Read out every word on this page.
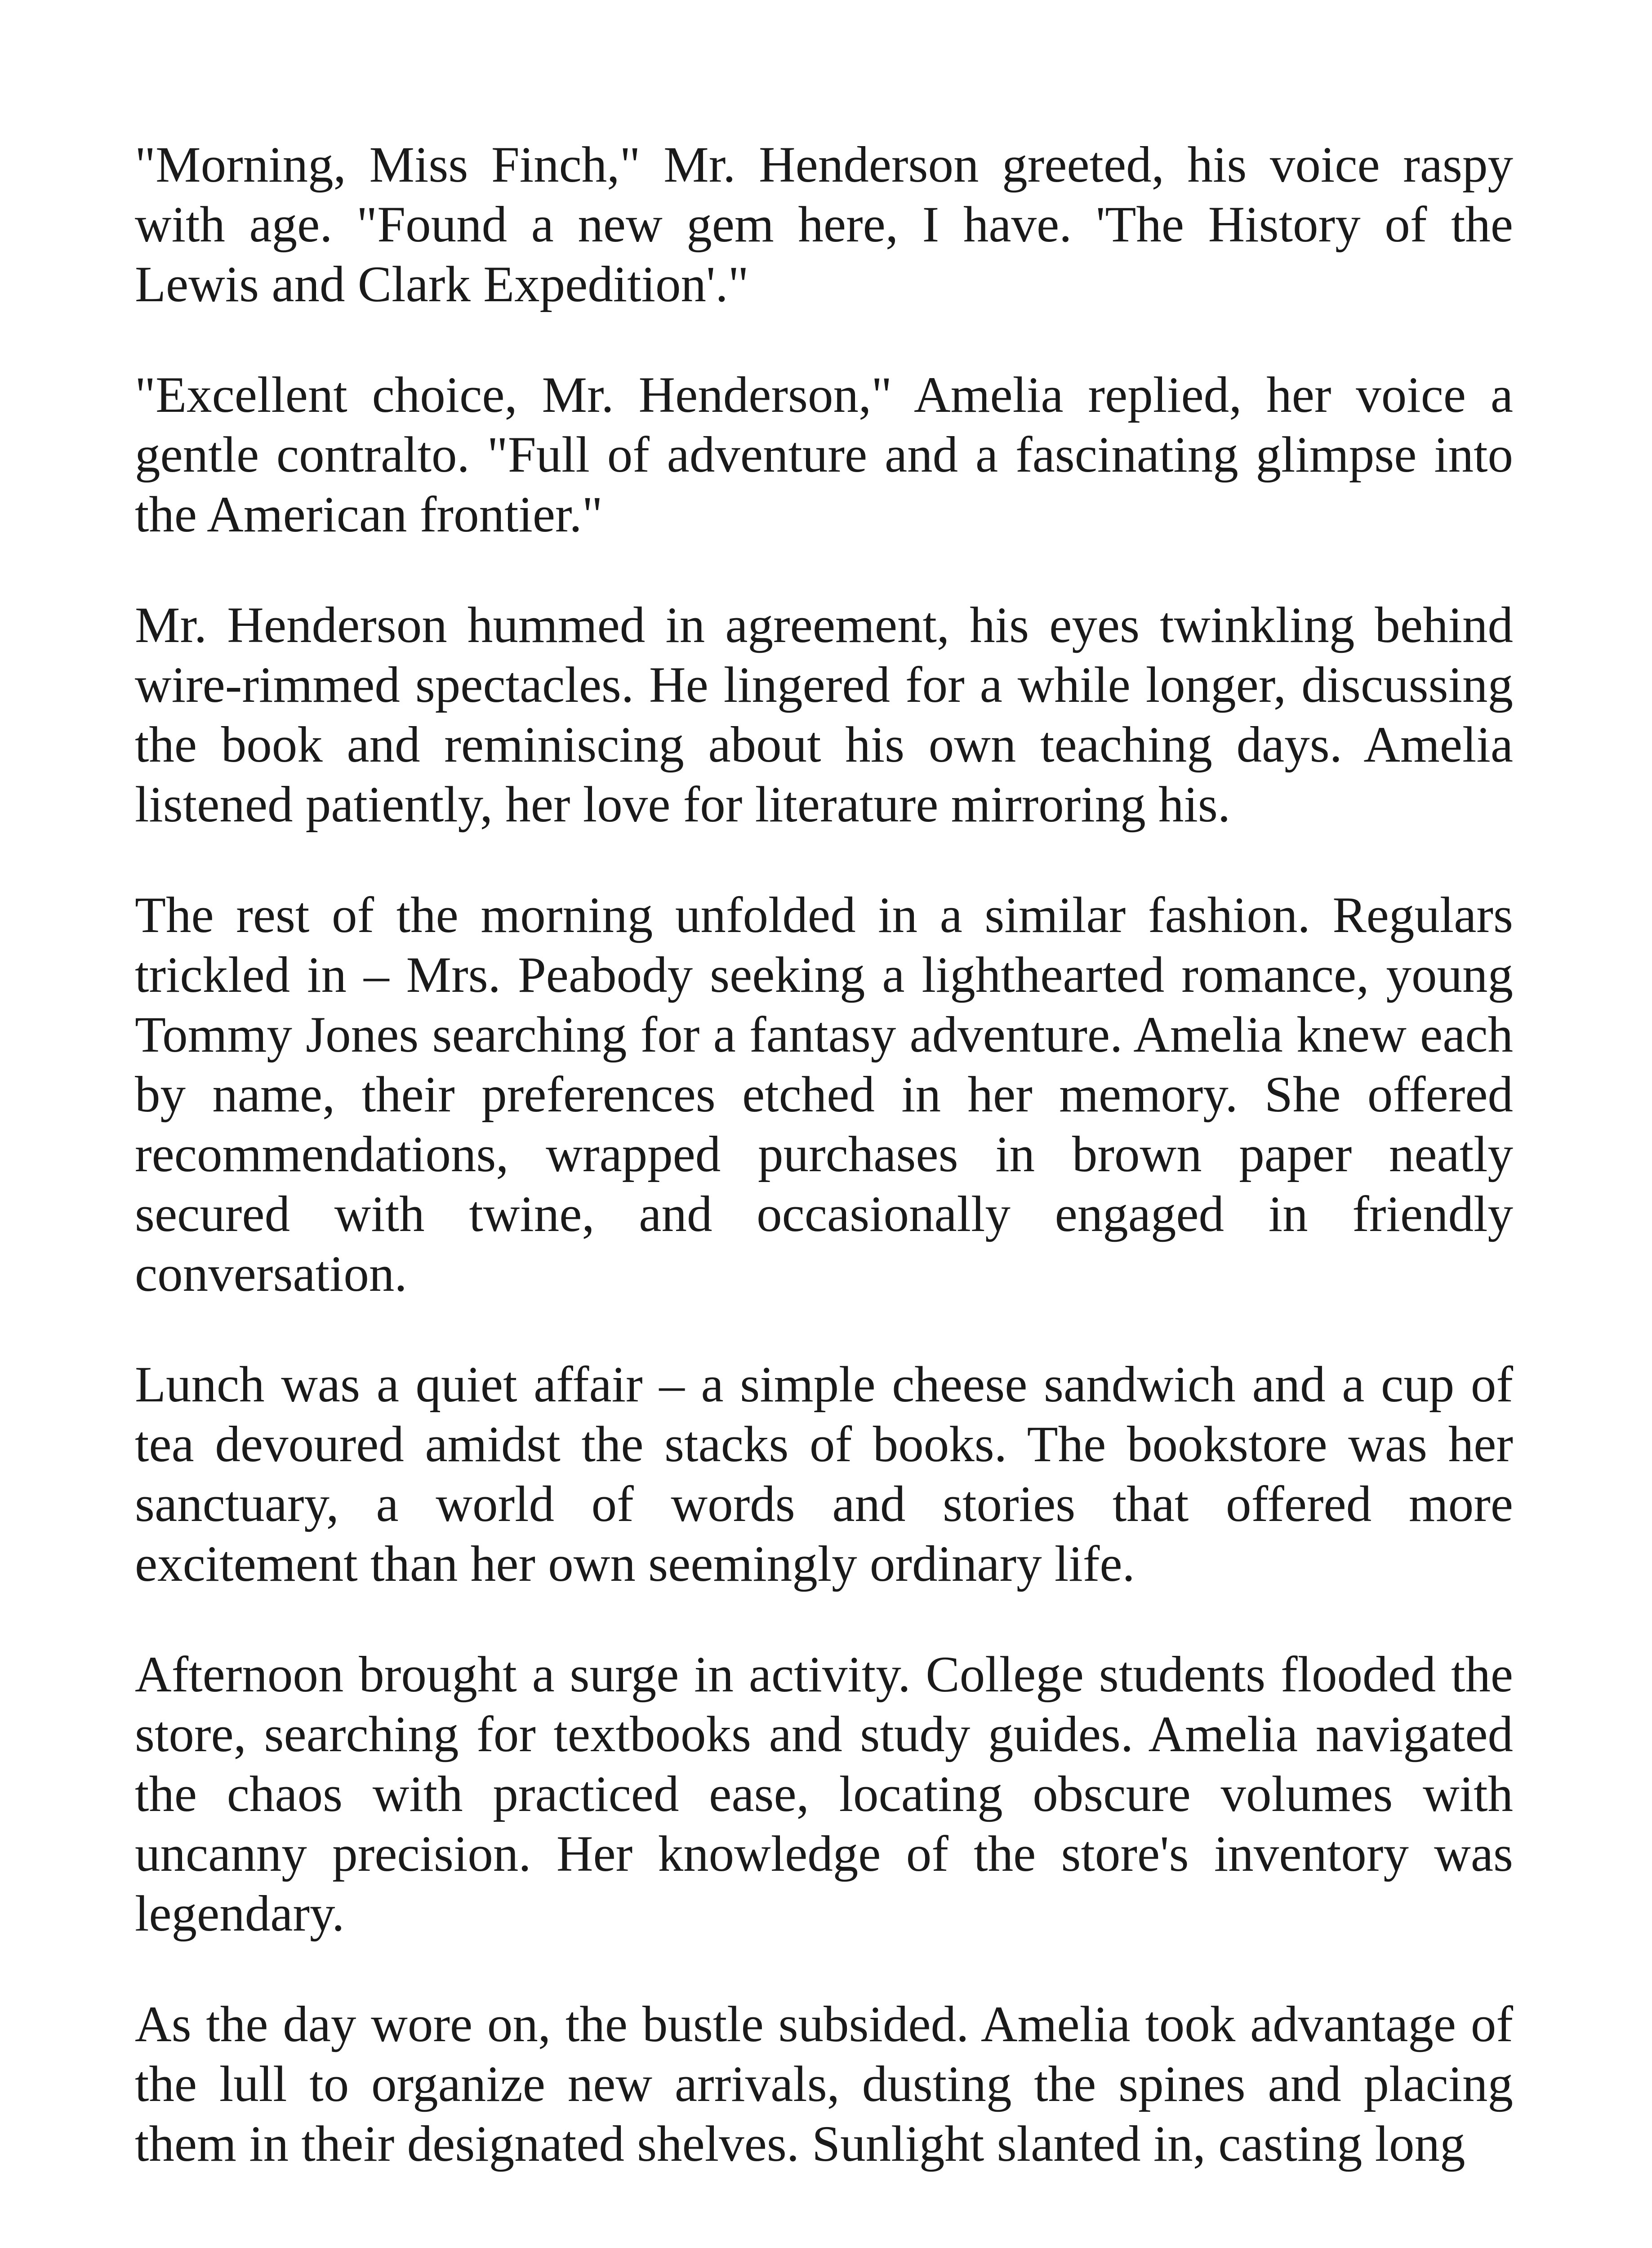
"Morning, Miss Finch," Mr. Henderson greeted, his voice raspy with age. "Found a new gem here, I have. 'The History of the Lewis and Clark Expedition'."

"Excellent choice, Mr. Henderson," Amelia replied, her voice a gentle contralto. "Full of adventure and a fascinating glimpse into the American frontier."

Mr. Henderson hummed in agreement, his eyes twinkling behind wire-rimmed spectacles. He lingered for a while longer, discussing the book and reminiscing about his own teaching days. Amelia listened patiently, her love for literature mirroring his.

The rest of the morning unfolded in a similar fashion. Regulars trickled in – Mrs. Peabody seeking a lighthearted romance, young Tommy Jones searching for a fantasy adventure. Amelia knew each by name, their preferences etched in her memory. She offered recommendations, wrapped purchases in brown paper neatly secured with twine, and occasionally engaged in friendly conversation.

Lunch was a quiet affair – a simple cheese sandwich and a cup of tea devoured amidst the stacks of books. The bookstore was her sanctuary, a world of words and stories that offered more excitement than her own seemingly ordinary life.

Afternoon brought a surge in activity. College students flooded the store, searching for textbooks and study guides. Amelia navigated the chaos with practiced ease, locating obscure volumes with uncanny precision. Her knowledge of the store's inventory was legendary.

As the day wore on, the bustle subsided. Amelia took advantage of the lull to organize new arrivals, dusting the spines and placing them in their designated shelves. Sunlight slanted in, casting long
